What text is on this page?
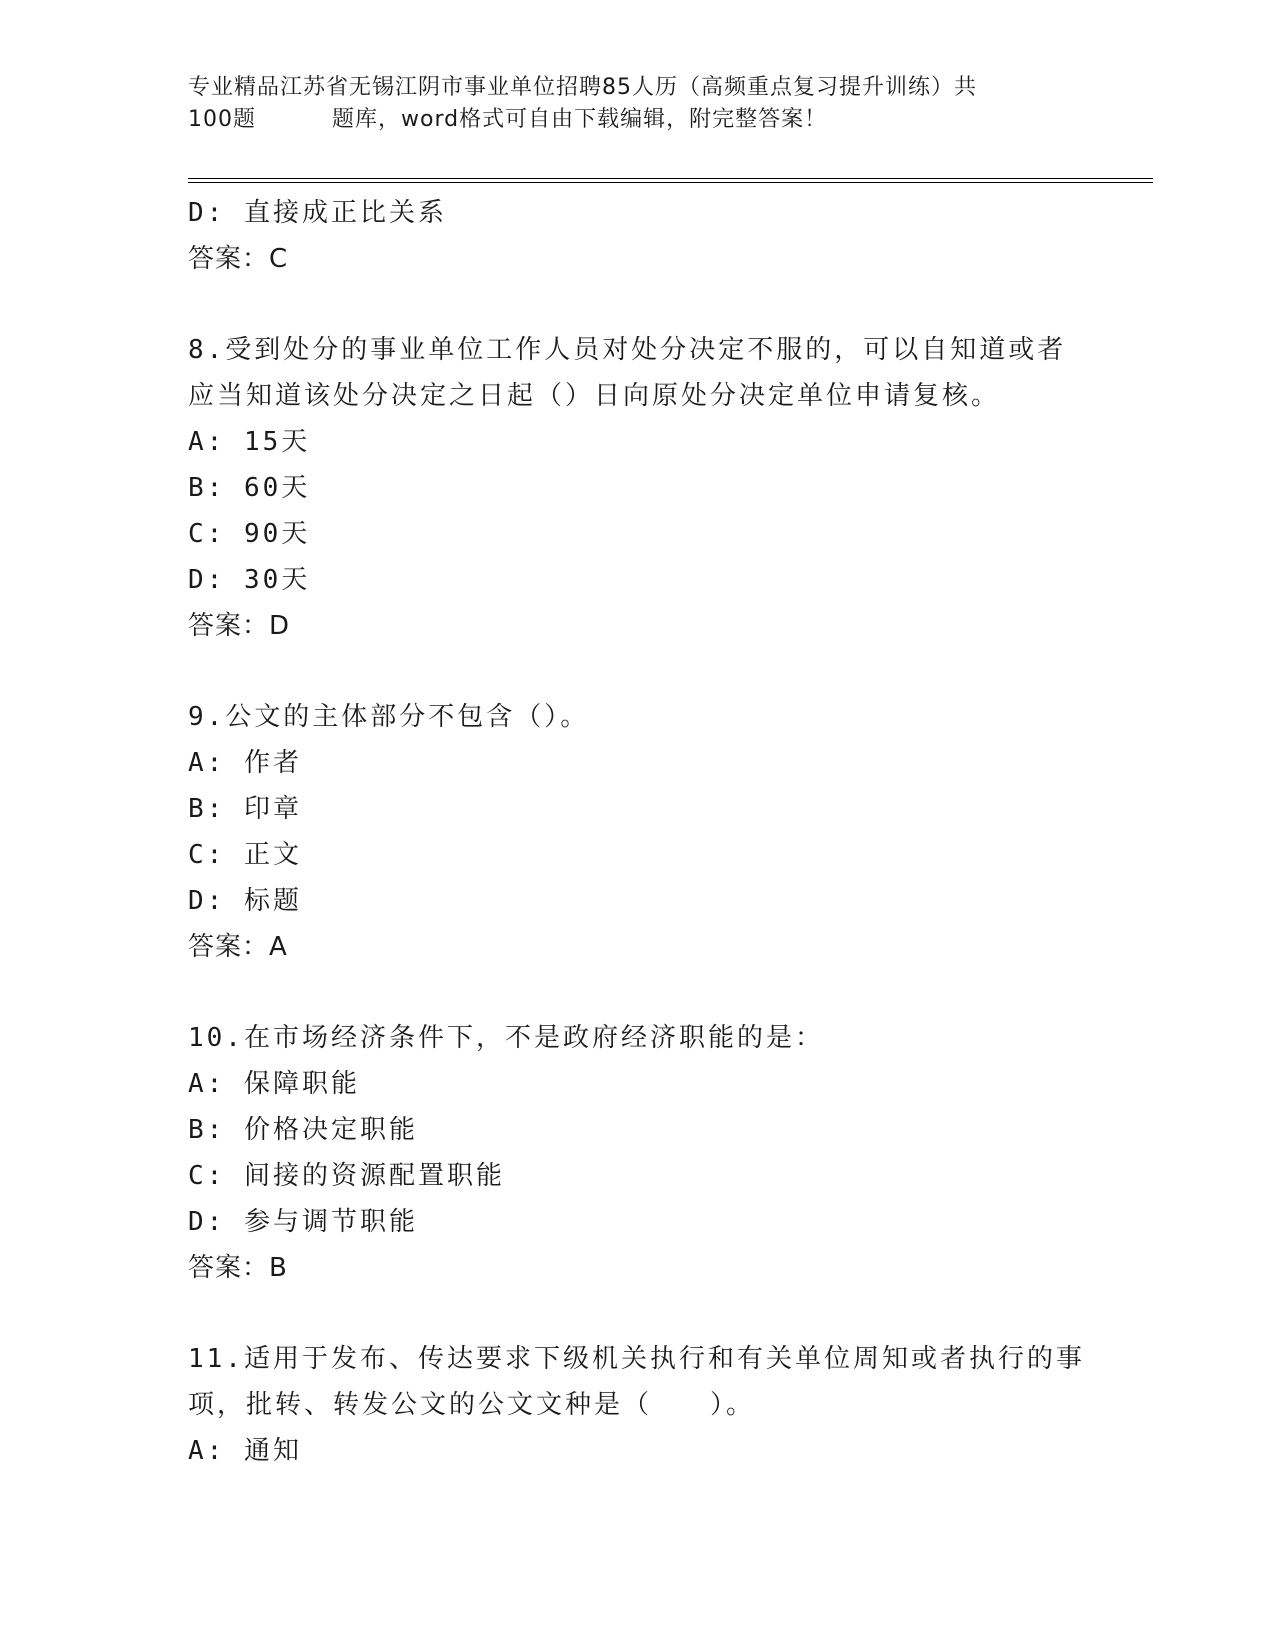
专业精品江苏省无锡江阴市事业单位招聘85人历（高频重点复习提升训练）共
100题	题库，word格式可自由下载编辑，附完整答案！
D: 直接成正比关系
答案：C
8.受到处分的事业单位工作人员对处分决定不服的，可以自知道或者
应当知道该处分决定之日起（）日向原处分决定单位申请复核。
A: 15天
B: 60天
C: 90天
D: 30天
答案：D
9.公文的主体部分不包含（）。
A: 作者
B: 印章
C: 正文
D: 标题
答案：A
10.在市场经济条件下，不是政府经济职能的是：
A: 保障职能
B: 价格决定职能
C: 间接的资源配置职能
D: 参与调节职能
答案：B
11.适用于发布、传达要求下级机关执行和有关单位周知或者执行的事
项，批转、转发公文的公文文种是（　　）。
A: 通知
